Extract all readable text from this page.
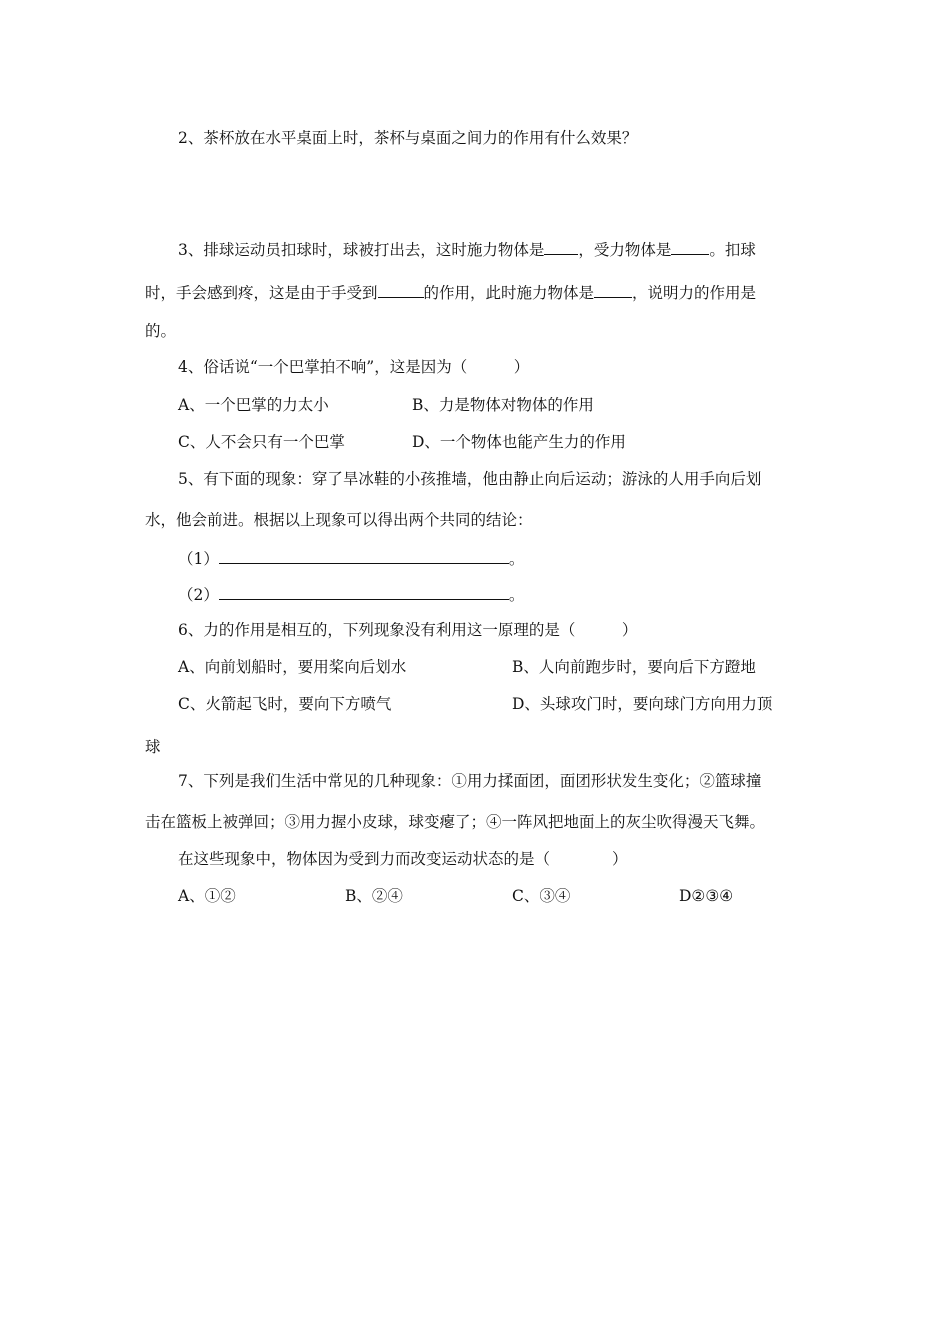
2、茶杯放在水平桌面上时，茶杯与桌面之间力的作用有什么效果？
3、排球运动员扣球时，球被打出去，这时施力物体是 ，受力物体是 。扣球
时，手会感到疼，这是由于手受到	的作用，此时施力物体是 ，说明力的作用是
的。
4、俗话说“一个巴掌拍不响”，这是因为（　　　）
A、一个巴掌的力太小	B、力是物体对物体的作用
C、人不会只有一个巴掌	D、一个物体也能产生力的作用
5、有下面的现象：穿了旱冰鞋的小孩推墙，他由静止向后运动；游泳的人用手向后划
水，他会前进。根据以上现象可以得出两个共同的结论：
（1）	。
（2）	。
6、力的作用是相互的，下列现象没有利用这一原理的是（　　　）
A、向前划船时，要用桨向后划水	B、人向前跑步时，要向后下方蹬地
C、火箭起飞时，要向下方喷气	D、头球攻门时，要向球门方向用力顶
球
7、下列是我们生活中常见的几种现象：①用力揉面团，面团形状发生变化；②篮球撞
击在篮板上被弹回；③用力握小皮球，球变瘪了；④一阵风把地面上的灰尘吹得漫天飞舞。
在这些现象中，物体因为受到力而改变运动状态的是（　　　　）
A、①②	B、②④	C、③④	D②③④
